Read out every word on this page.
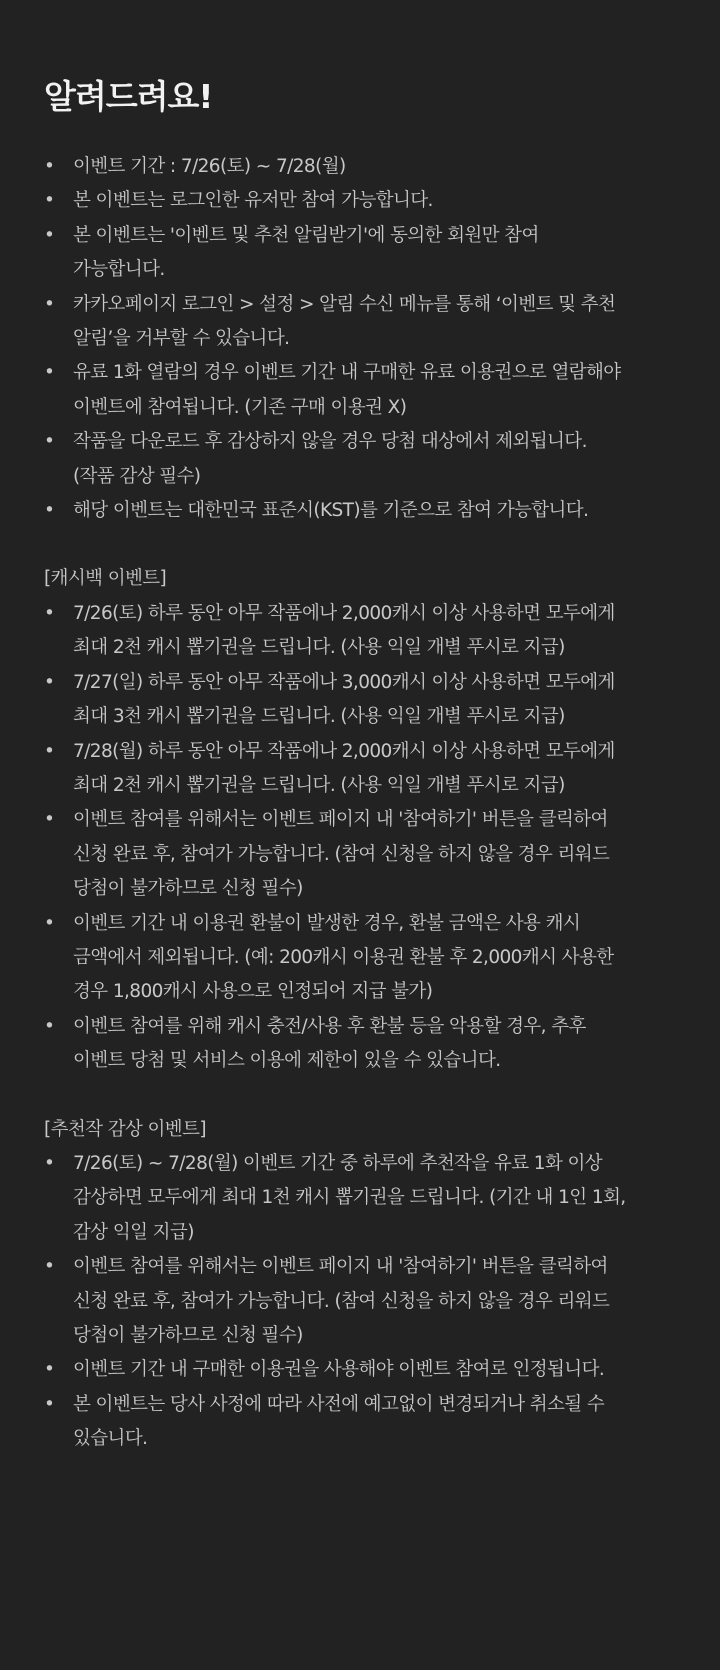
알려드려요!
•	이벤트 기간 : 7/26(토) ~ 7/28(월)
•	본 이벤트는 로그인한 유저만 참여 가능합니다.
•	본 이벤트는 '이벤트 및 추천 알림받기'에 동의한 회원만 참여
가능합니다.
•	카카오페이지 로그인 > 설정 > 알림 수신 메뉴를 통해 ‘이벤트 및 추천
알림’을 거부할 수 있습니다.
•	유료 1화 열람의 경우 이벤트 기간 내 구매한 유료 이용권으로 열람해야
이벤트에 참여됩니다. (기존 구매 이용권 X)
•	작품을 다운로드 후 감상하지 않을 경우 당첨 대상에서 제외됩니다.
(작품 감상 필수)
•	해당 이벤트는 대한민국 표준시(KST)를 기준으로 참여 가능합니다.
[캐시백 이벤트]
•	7/26(토) 하루 동안 아무 작품에나 2,000캐시 이상 사용하면 모두에게
최대 2천 캐시 뽑기권을 드립니다. (사용 익일 개별 푸시로 지급)
•	7/27(일) 하루 동안 아무 작품에나 3,000캐시 이상 사용하면 모두에게
최대 3천 캐시 뽑기권을 드립니다. (사용 익일 개별 푸시로 지급)
•	7/28(월) 하루 동안 아무 작품에나 2,000캐시 이상 사용하면 모두에게
최대 2천 캐시 뽑기권을 드립니다. (사용 익일 개별 푸시로 지급)
•	이벤트 참여를 위해서는 이벤트 페이지 내 '참여하기' 버튼을 클릭하여
신청 완료 후, 참여가 가능합니다. (참여 신청을 하지 않을 경우 리워드
당첨이 불가하므로 신청 필수)
•	이벤트 기간 내 이용권 환불이 발생한 경우, 환불 금액은 사용 캐시
금액에서 제외됩니다. (예: 200캐시 이용권 환불 후 2,000캐시 사용한
경우 1,800캐시 사용으로 인정되어 지급 불가)
•	이벤트 참여를 위해 캐시 충전/사용 후 환불 등을 악용할 경우, 추후
이벤트 당첨 및 서비스 이용에 제한이 있을 수 있습니다.
[추천작 감상 이벤트]
•	7/26(토) ~ 7/28(월) 이벤트 기간 중 하루에 추천작을 유료 1화 이상
감상하면 모두에게 최대 1천 캐시 뽑기권을 드립니다. (기간 내 1인 1회,
감상 익일 지급)
•	이벤트 참여를 위해서는 이벤트 페이지 내 '참여하기' 버튼을 클릭하여
신청 완료 후, 참여가 가능합니다. (참여 신청을 하지 않을 경우 리워드
당첨이 불가하므로 신청 필수)
•	이벤트 기간 내 구매한 이용권을 사용해야 이벤트 참여로 인정됩니다.
•	본 이벤트는 당사 사정에 따라 사전에 예고없이 변경되거나 취소될 수
있습니다.
